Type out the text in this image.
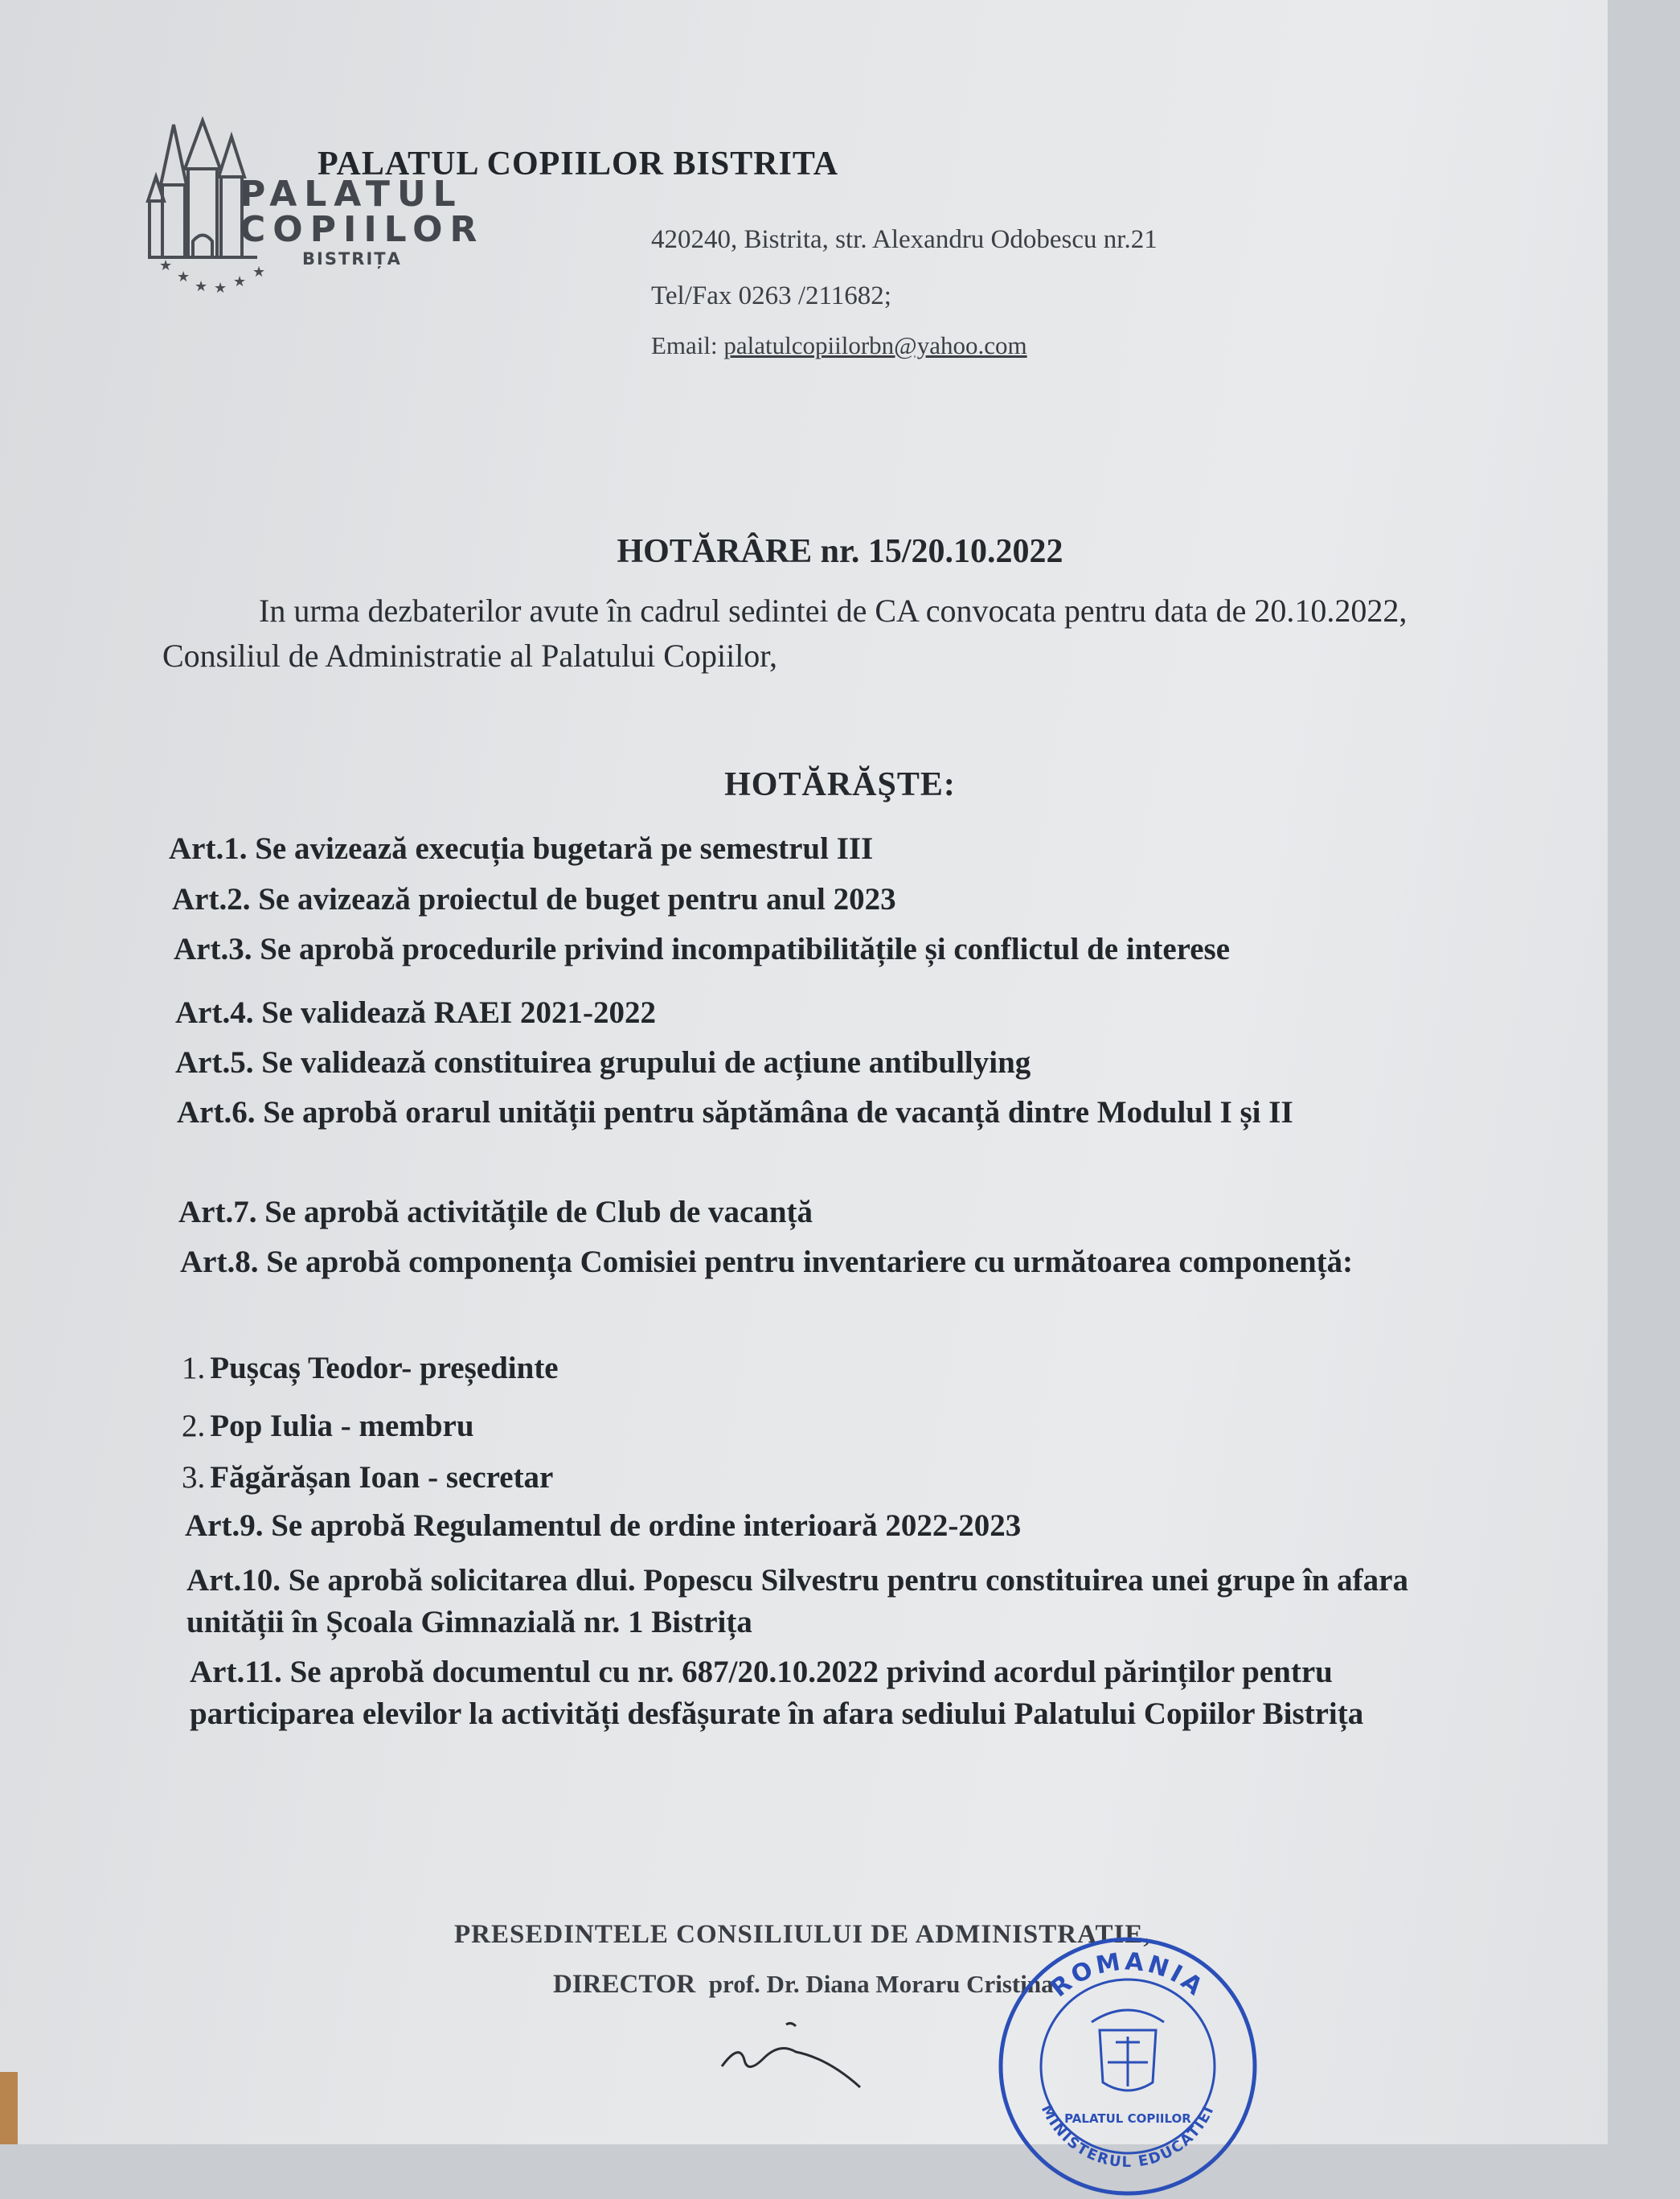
★
★ ★ ★
★
★
PALATUL
COPIILOR
BISTRIȚA
PALATUL COPIILOR BISTRITA
420240, Bistrita, str. Alexandru Odobescu nr.21
Tel/Fax 0263 /211682;
Email: palatulcopiilorbn@yahoo.com
HOTĂRÂRE nr. 15/20.10.2022
In urma dezbaterilor avute în cadrul sedintei de CA convocata pentru data de 20.10.2022, Consiliul de Administratie al Palatului Copiilor,
HOTĂRĂŞTE:
Art.1. Se avizează execuția bugetară pe semestrul III
Art.2. Se avizează proiectul de buget pentru anul 2023
Art.3. Se aprobă procedurile privind incompatibilitățile și conflictul de interese
Art.4. Se validează RAEI 2021-2022
Art.5. Se validează constituirea grupului de acțiune antibullying
Art.6. Se aprobă orarul unității pentru săptămâna de vacanță dintre Modulul I și II
Art.7. Se aprobă activitățile de Club de vacanță
Art.8. Se aprobă componența Comisiei pentru inventariere cu următoarea componență:
1. Pușcaș Teodor- președinte
2. Pop Iulia - membru
3. Făgărășan Ioan - secretar
Art.9. Se aprobă Regulamentul de ordine interioară 2022-2023
Art.10. Se aprobă solicitarea dlui. Popescu Silvestru pentru constituirea unei grupe în afara unității în Școala Gimnazială nr. 1 Bistrița
Art.11. Se aprobă documentul cu nr. 687/20.10.2022 privind acordul părinților pentru participarea elevilor la activități desfășurate în afara sediului Palatului Copiilor Bistrița
PRESEDINTELE CONSILIULUI DE ADMINISTRATIE,
DIRECTOR prof. Dr. Diana Moraru Cristina
ROMANIA
MINISTERUL EDUCATIEI
PALATUL COPIILOR
